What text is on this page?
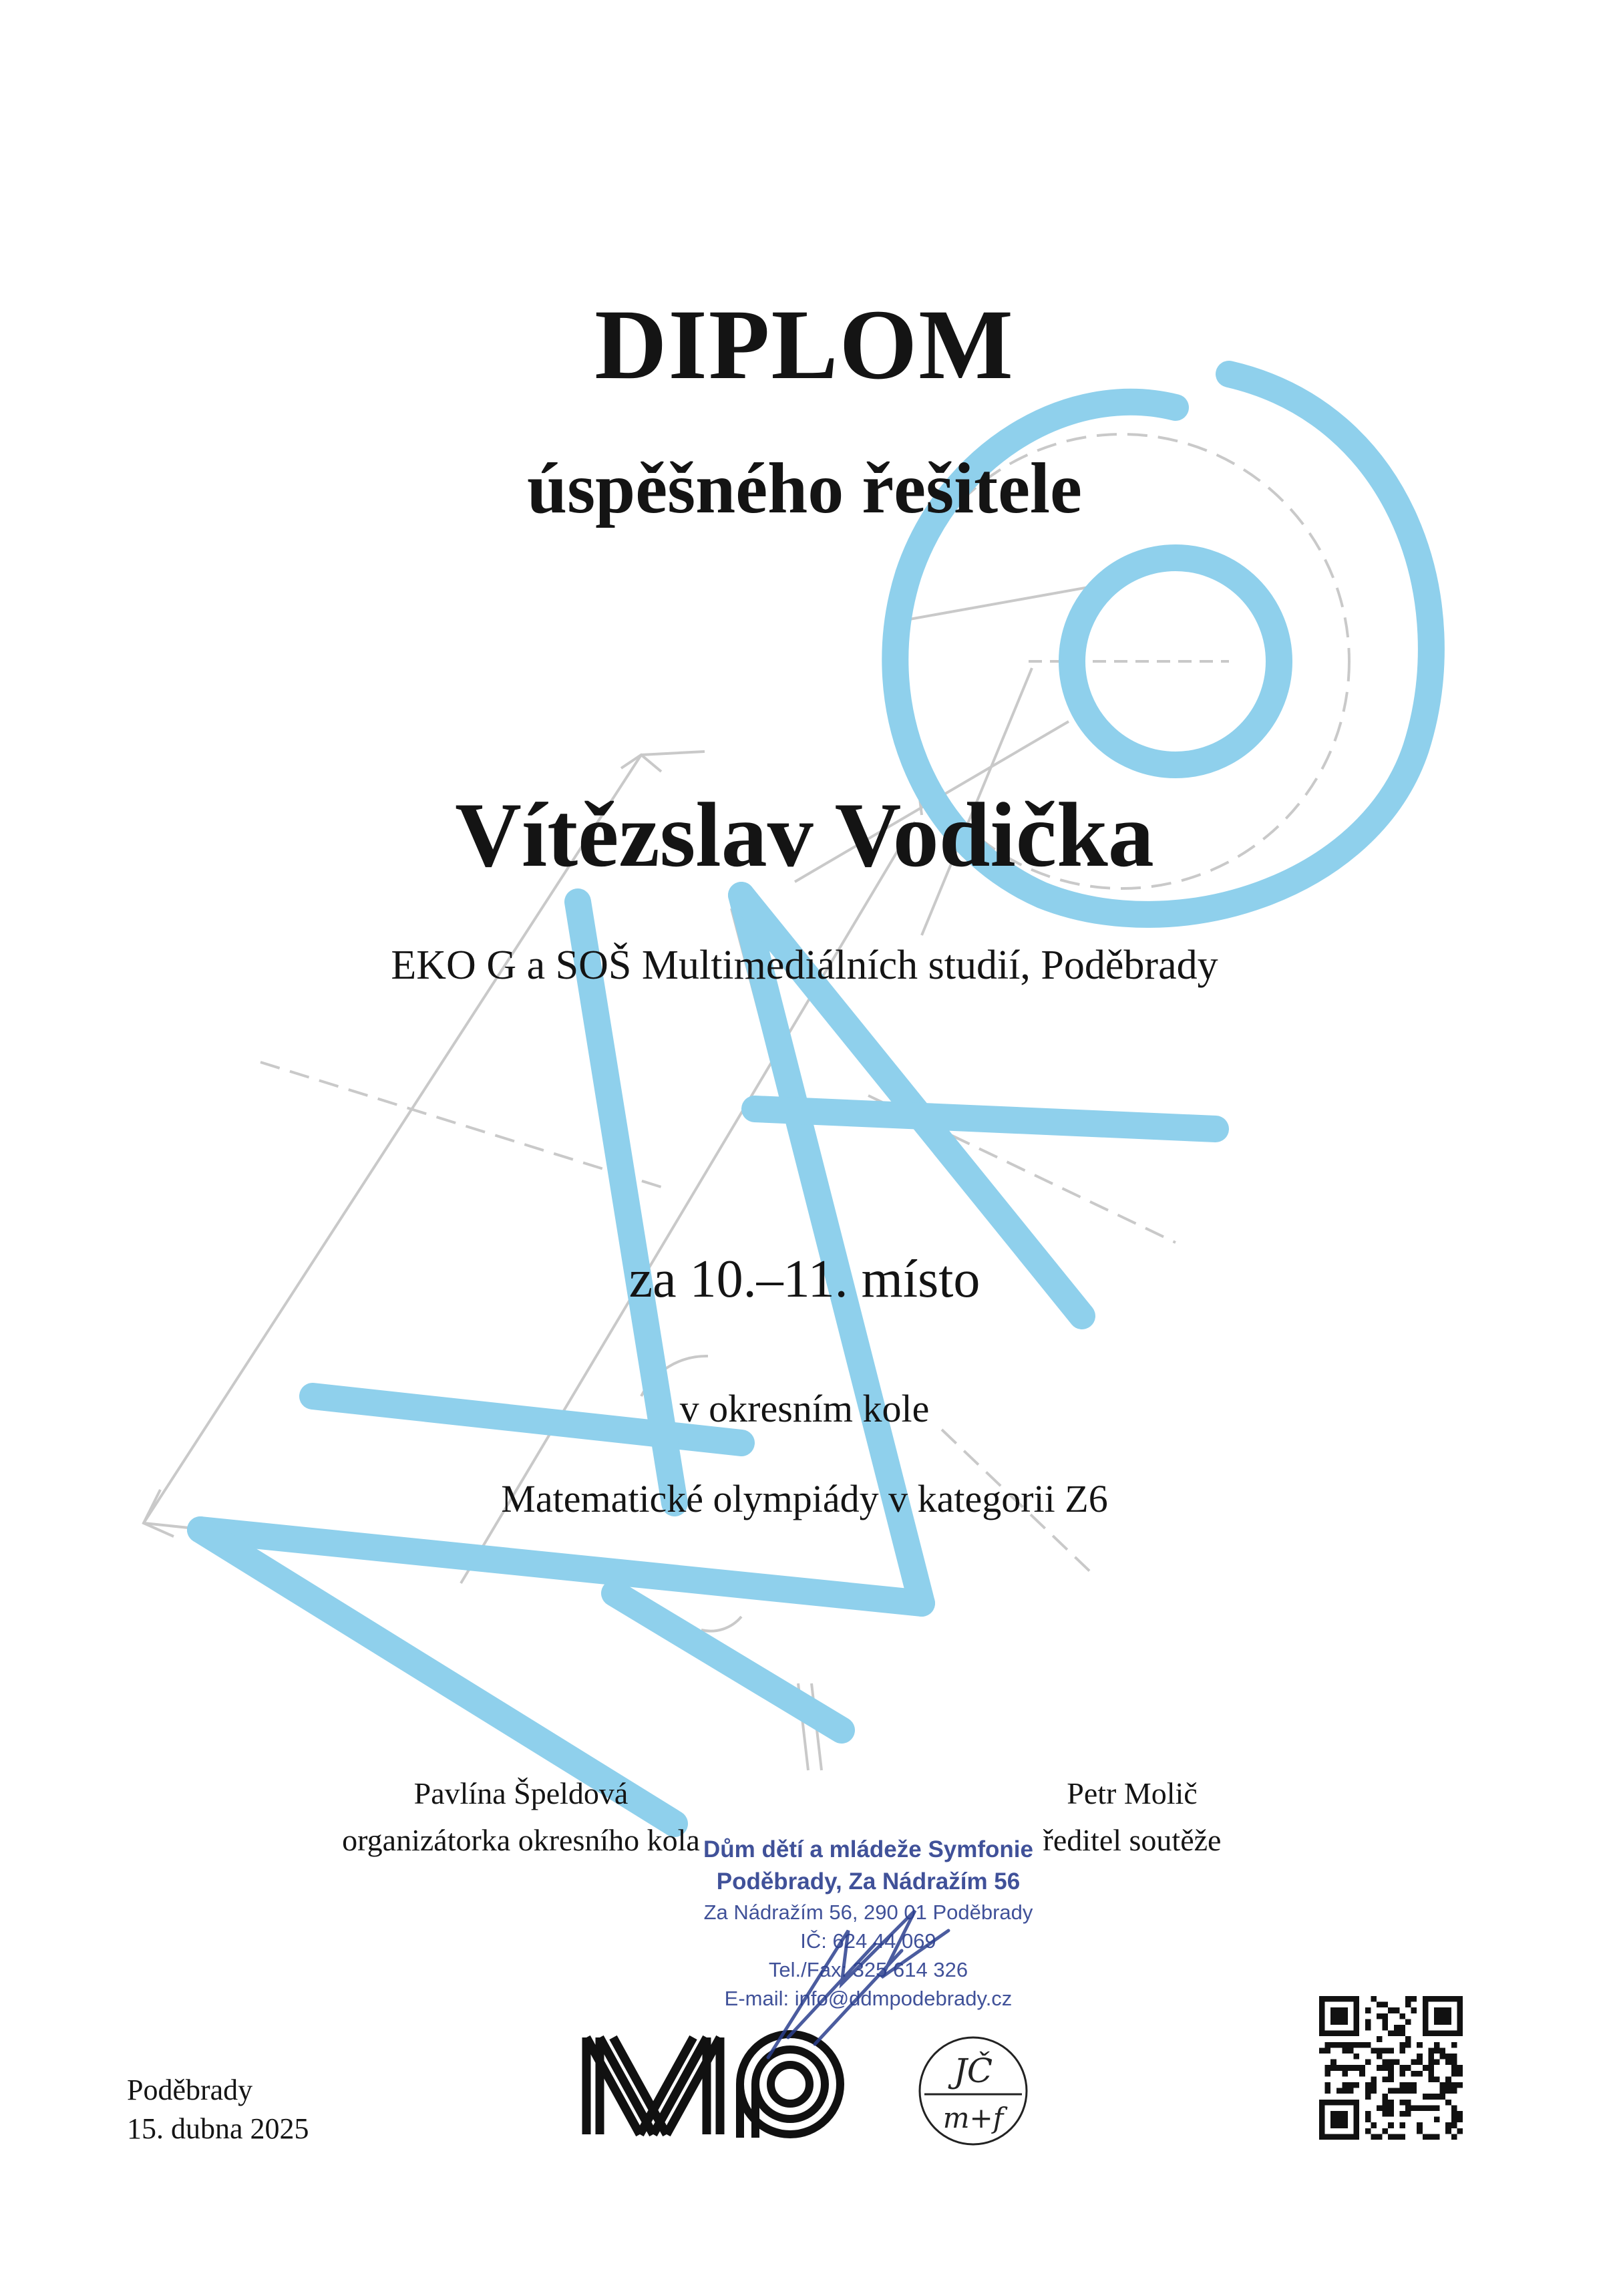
DIPLOM
úspěšného řešitele
Vítězslav Vodička
EKO G a SOŠ Multimediálních studií, Poděbrady
za 10.–11. místo
v okresním kole
Matematické olympiády v kategorii Z6
Pavlína Špeldová
organizátorka okresního kola
Petr Molič
ředitel soutěže
Dům dětí a mládeže Symfonie
Poděbrady, Za Nádražím 56
Za Nádražím 56, 290 01 Poděbrady
IČ: 624 44 069
Tel./Fax: 325 614 326
E-mail: info@ddmpodebrady.cz
Poděbrady
15. dubna 2025
JČ
m+f
